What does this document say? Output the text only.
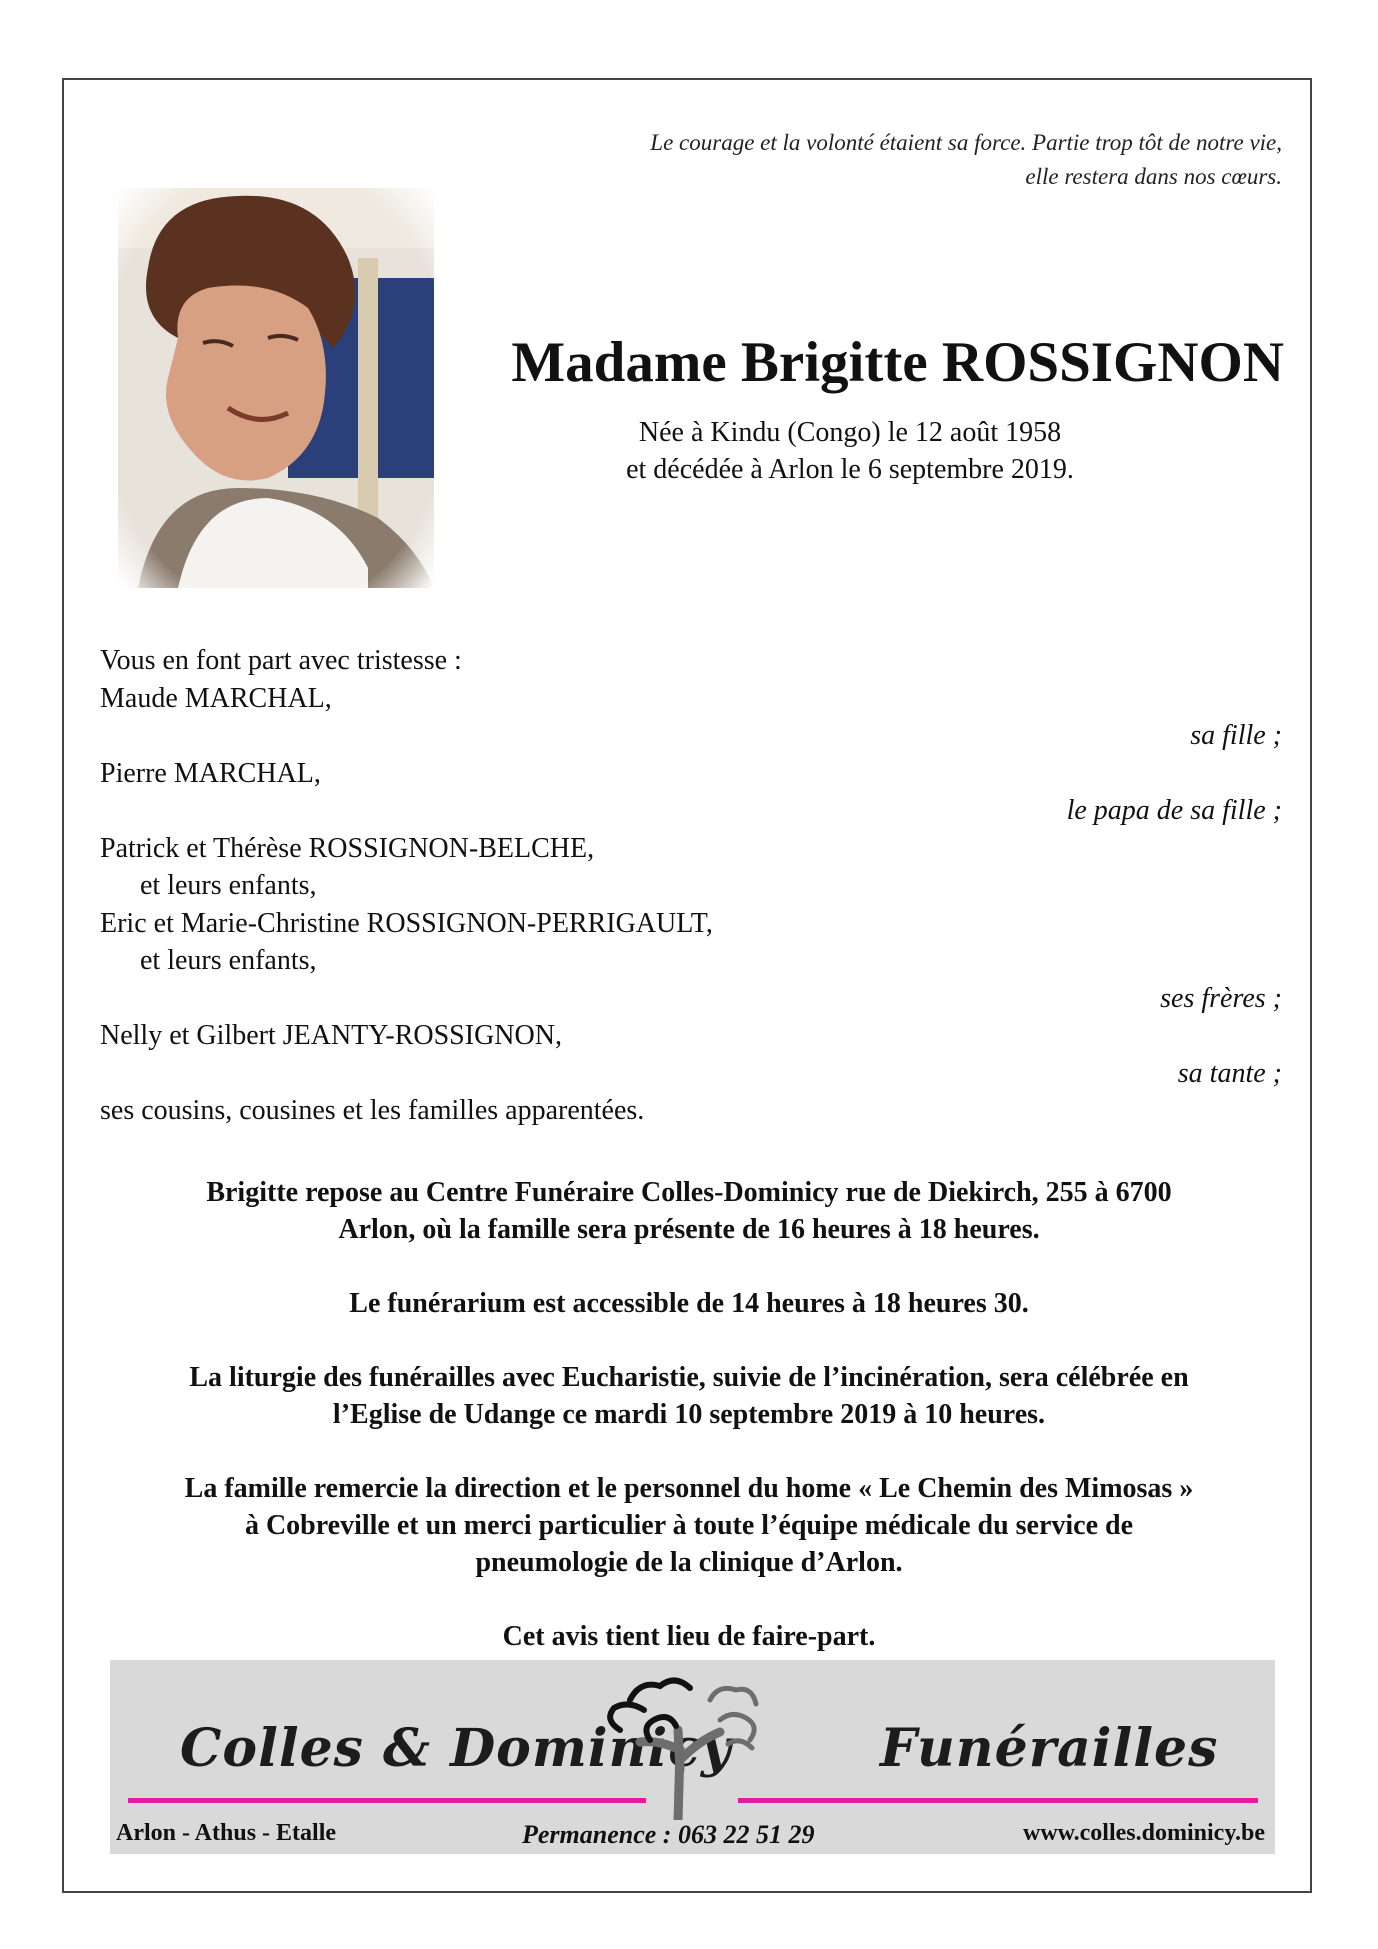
Le courage et la volonté étaient sa force. Partie trop tôt de notre vie,
elle restera dans nos cœurs.
Madame Brigitte ROSSIGNON
Née à Kindu (Congo) le 12 août 1958
et décédée à Arlon le 6 septembre 2019.
Vous en font part avec tristesse :
Maude MARCHAL,
sa fille ;
Pierre MARCHAL,
le papa de sa fille ;
Patrick et Thérèse ROSSIGNON-BELCHE,
et leurs enfants,
Eric et Marie-Christine ROSSIGNON-PERRIGAULT,
et leurs enfants,
ses frères ;
Nelly et Gilbert JEANTY-ROSSIGNON,
sa tante ;
ses cousins, cousines et les familles apparentées.

Brigitte repose au Centre Funéraire Colles-Dominicy rue de Diekirch, 255 à 6700
Arlon, où la famille sera présente de 16 heures à 18 heures.

Le funérarium est accessible de 14 heures à 18 heures 30.

La liturgie des funérailles avec Eucharistie, suivie de l’incinération, sera célébrée en
l’Eglise de Udange ce mardi 10 septembre 2019 à 10 heures.

La famille remercie la direction et le personnel du home « Le Chemin des Mimosas »
à Cobreville et un merci particulier à toute l’équipe médicale du service de
pneumologie de la clinique d’Arlon.

Cet avis tient lieu de faire-part.

Colles & Dominicy	Funérailles
Arlon - Athus - Etalle	Permanence : 063 22 51 29	www.colles.dominicy.be
